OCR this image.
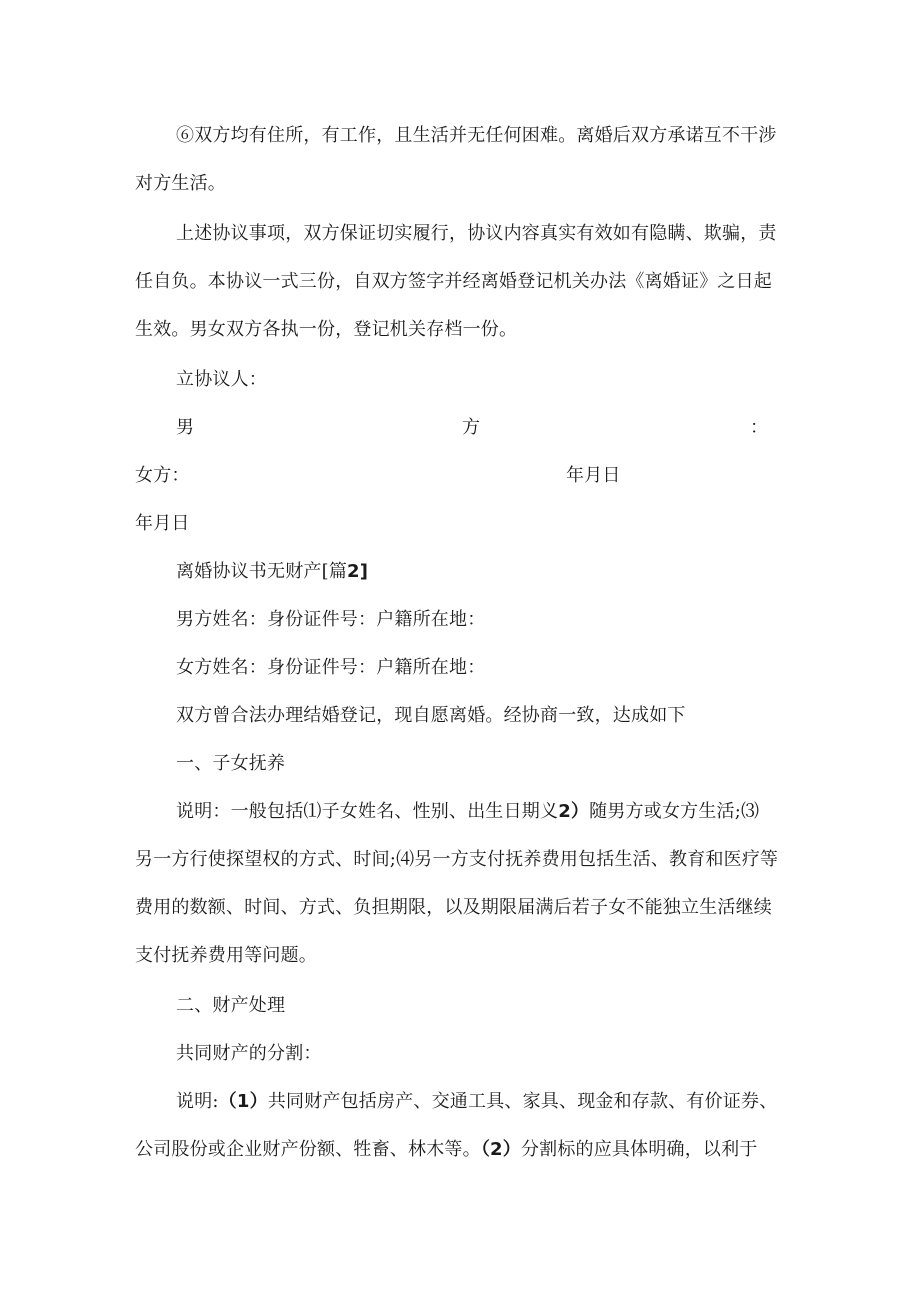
⑥双方均有住所，有工作，且生活并无任何困难。离婚后双方承诺互不干涉
对方生活。
上述协议事项，双方保证切实履行，协议内容真实有效如有隐瞒、欺骗，责
任自负。本协议一式三份，自双方签字并经离婚登记机关办法《离婚证》之日起
生效。男女双方各执一份，登记机关存档一份。
立协议人：
男	方	：
女方：	年月日
年月日
离婚协议书无财产[篇2]
男方姓名：身份证件号：户籍所在地：
女方姓名：身份证件号：户籍所在地：
双方曾合法办理结婚登记，现自愿离婚。经协商一致，达成如下
一、子女抚养
说明：一般包括⑴子女姓名、性别、出生日期义2）随男方或女方生活;⑶
另一方行使探望权的方式、时间;⑷另一方支付抚养费用包括生活、教育和医疗等
费用的数额、时间、方式、负担期限，以及期限届满后若子女不能独立生活继续
支付抚养费用等问题。
二、财产处理
共同财产的分割：
说明:（1）共同财产包括房产、交通工具、家具、现金和存款、有价证券、
公司股份或企业财产份额、牲畜、林木等。（2）分割标的应具体明确，以利于
